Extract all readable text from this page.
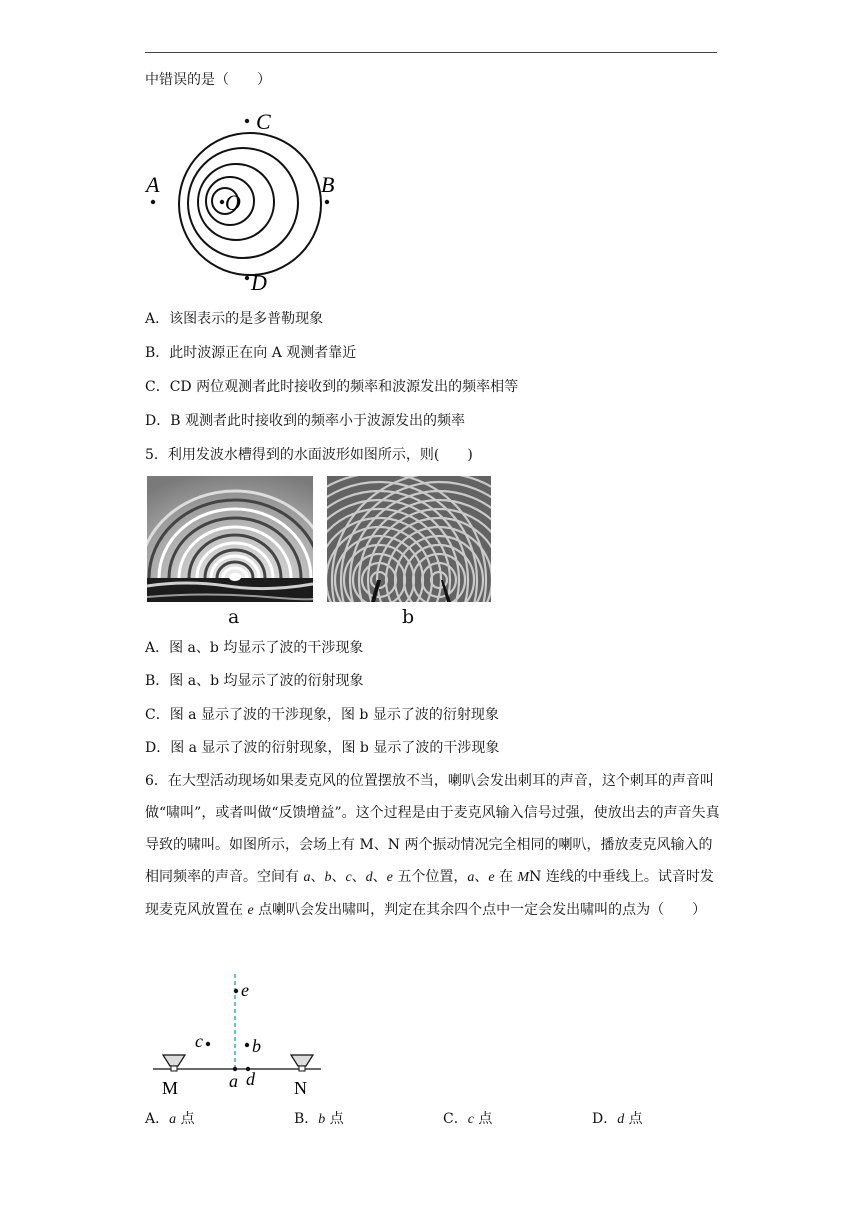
中错误的是（　　）
C
A	B
O
D
A．该图表示的是多普勒现象
B．此时波源正在向 A 观测者靠近
C．CD 两位观测者此时接收到的频率和波源发出的频率相等
D．B 观测者此时接收到的频率小于波源发出的频率
5．利用发波水槽得到的水面波形如图所示，则(　　)
a	b
A．图 a、b 均显示了波的干涉现象
B．图 a、b 均显示了波的衍射现象
C．图 a 显示了波的干涉现象，图 b 显示了波的衍射现象
D．图 a 显示了波的衍射现象，图 b 显示了波的干涉现象
6．在大型活动现场如果麦克风的位置摆放不当，喇叭会发出刺耳的声音，这个刺耳的声音叫做“啸叫”，或者叫做“反馈增益”。这个过程是由于麦克风输入信号过强，使放出去的声音失真导致的啸叫。如图所示，会场上有 M、N 两个振动情况完全相同的喇叭，播放麦克风输入的相同频率的声音。空间有 a、b、c、d、e 五个位置，a、e 在 MN 连线的中垂线上。试音时发现麦克风放置在 e 点喇叭会发出啸叫，判定在其余四个点中一定会发出啸叫的点为（　　）
e
c	b
M	a d N
A．a 点	B．b 点	C．c 点	D．d 点
